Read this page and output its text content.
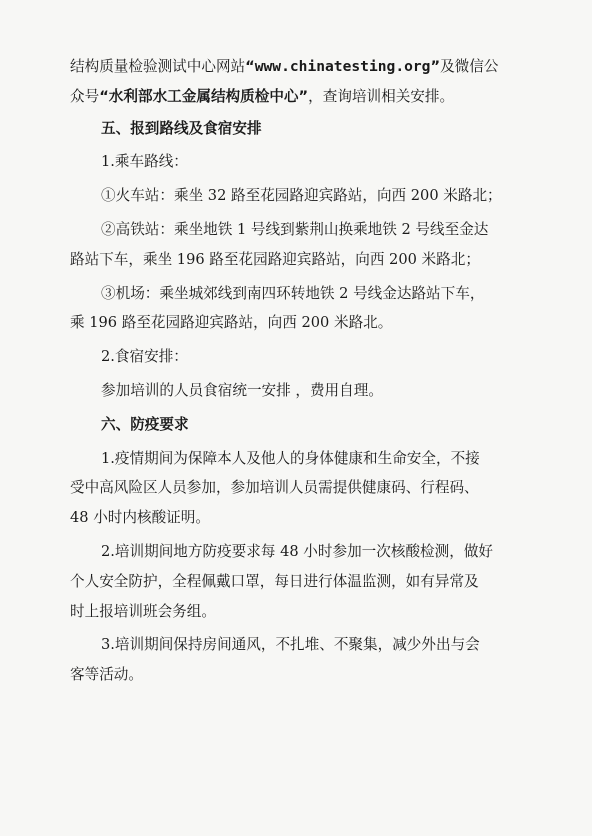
结构质量检验测试中心网站“www.chinatesting.org”及微信公
众号“水利部水工金属结构质检中心”，查询培训相关安排。
五、报到路线及食宿安排
1.乘车路线：
①火车站：乘坐 32 路至花园路迎宾路站，向西 200 米路北；
②高铁站：乘坐地铁 1 号线到紫荆山换乘地铁 2 号线至金达
路站下车，乘坐 196 路至花园路迎宾路站，向西 200 米路北；
③机场：乘坐城郊线到南四环转地铁 2 号线金达路站下车，
乘 196 路至花园路迎宾路站，向西 200 米路北。
2.食宿安排：
参加培训的人员食宿统一安排 ，费用自理。
六、防疫要求
1.疫情期间为保障本人及他人的身体健康和生命安全，不接
受中高风险区人员参加，参加培训人员需提供健康码、行程码、
48 小时内核酸证明。
2.培训期间地方防疫要求每 48 小时参加一次核酸检测，做好
个人安全防护，全程佩戴口罩，每日进行体温监测，如有异常及
时上报培训班会务组。
3.培训期间保持房间通风，不扎堆、不聚集，减少外出与会
客等活动。
